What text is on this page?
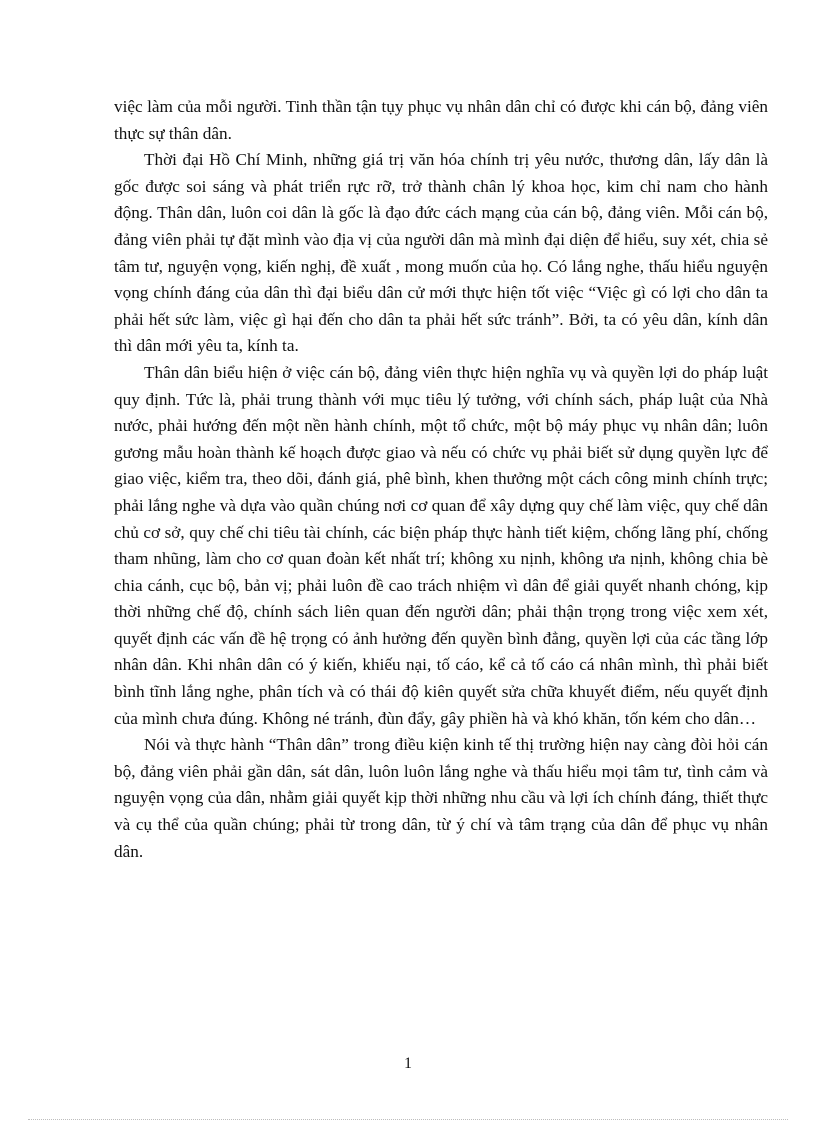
việc làm của mỗi người. Tinh thần tận tụy phục vụ nhân dân chỉ có được khi cán bộ, đảng viên thực sự thân dân.

Thời đại Hồ Chí Minh, những giá trị văn hóa chính trị yêu nước, thương dân, lấy dân là gốc được soi sáng và phát triển rực rỡ, trở thành chân lý khoa học, kim chỉ nam cho hành động. Thân dân, luôn coi dân là gốc là đạo đức cách mạng của cán bộ, đảng viên. Mỗi cán bộ, đảng viên phải tự đặt mình vào địa vị của người dân mà mình đại diện để hiểu, suy xét, chia sẻ tâm tư, nguyện vọng, kiến nghị, đề xuất , mong muốn của họ. Có lắng nghe, thấu hiểu nguyện vọng chính đáng của dân thì đại biểu dân cử mới thực hiện tốt việc “Việc gì có lợi cho dân ta phải hết sức làm, việc gì hại đến cho dân ta phải hết sức tránh”. Bởi, ta có yêu dân, kính dân thì dân mới yêu ta, kính ta.

Thân dân biểu hiện ở việc cán bộ, đảng viên thực hiện nghĩa vụ và quyền lợi do pháp luật quy định. Tức là, phải trung thành với mục tiêu lý tưởng, với chính sách, pháp luật của Nhà nước, phải hướng đến một nền hành chính, một tổ chức, một bộ máy phục vụ nhân dân; luôn gương mẫu hoàn thành kế hoạch được giao và nếu có chức vụ phải biết sử dụng quyền lực để giao việc, kiểm tra, theo dõi, đánh giá, phê bình, khen thưởng một cách công minh chính trực; phải lắng nghe và dựa vào quần chúng nơi cơ quan để xây dựng quy chế làm việc, quy chế dân chủ cơ sở, quy chế chi tiêu tài chính, các biện pháp thực hành tiết kiệm, chống lãng phí, chống tham nhũng, làm cho cơ quan đoàn kết nhất trí; không xu nịnh, không ưa nịnh, không chia bè chia cánh, cục bộ, bản vị; phải luôn đề cao trách nhiệm vì dân để giải quyết nhanh chóng, kịp thời những chế độ, chính sách liên quan đến người dân; phải thận trọng trong việc xem xét, quyết định các vấn đề hệ trọng có ảnh hưởng đến quyền bình đẳng, quyền lợi của các tầng lớp nhân dân. Khi nhân dân có ý kiến, khiếu nại, tố cáo, kể cả tố cáo cá nhân mình, thì phải biết bình tĩnh lắng nghe, phân tích và có thái độ kiên quyết sửa chữa khuyết điểm, nếu quyết định của mình chưa đúng. Không né tránh, đùn đẩy, gây phiền hà và khó khăn, tốn kém cho dân…

Nói và thực hành “Thân dân” trong điều kiện kinh tế thị trường hiện nay càng đòi hỏi cán bộ, đảng viên phải gần dân, sát dân, luôn luôn lắng nghe và thấu hiểu mọi tâm tư, tình cảm và nguyện vọng của dân, nhằm giải quyết kịp thời những nhu cầu và lợi ích chính đáng, thiết thực và cụ thể của quần chúng; phải từ trong dân, từ ý chí và tâm trạng của dân để phục vụ nhân dân.

1
